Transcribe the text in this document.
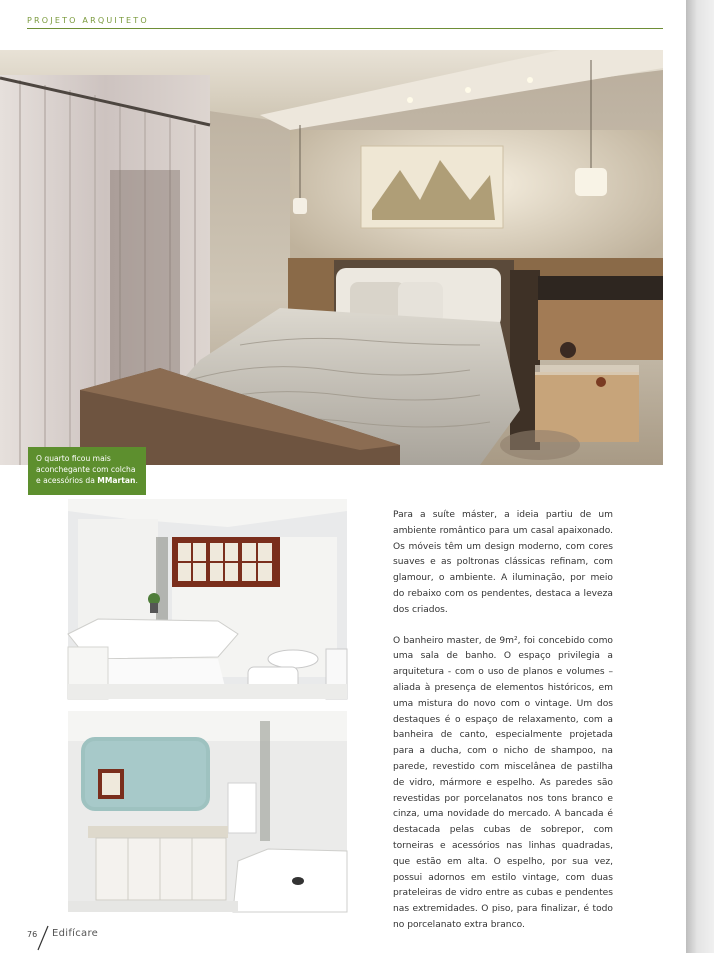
PROJETO ARQUITETO
O quarto ficou mais aconchegante com colcha e acessórios da MMartan.

Para a suíte máster, a ideia partiu de um ambiente romântico para um casal apaixonado. Os móveis têm um design moderno, com cores suaves e as poltronas clássicas refinam, com glamour, o ambiente. A iluminação, por meio do rebaixo com os pendentes, destaca a leveza dos criados.

O banheiro master, de 9m², foi concebido como uma sala de banho. O espaço privilegia a arquitetura - com o uso de planos e volumes – aliada à presença de elementos históricos, em uma mistura do novo com o vintage. Um dos destaques é o espaço de relaxamento, com a banheira de canto, especialmente projetada para a ducha, com o nicho de shampoo, na parede, revestido com miscelânea de pastilha de vidro, mármore e espelho. As paredes são revestidas por porcelanatos nos tons branco e cinza, uma novidade do mercado. A bancada é destacada pelas cubas de sobrepor, com torneiras e acessórios nas linhas quadradas, que estão em alta. O espelho, por sua vez, possui adornos em estilo vintage, com duas prateleiras de vidro entre as cubas e pendentes nas extremidades. O piso, para finalizar, é todo no porcelanato extra branco.

76 Edifícare
